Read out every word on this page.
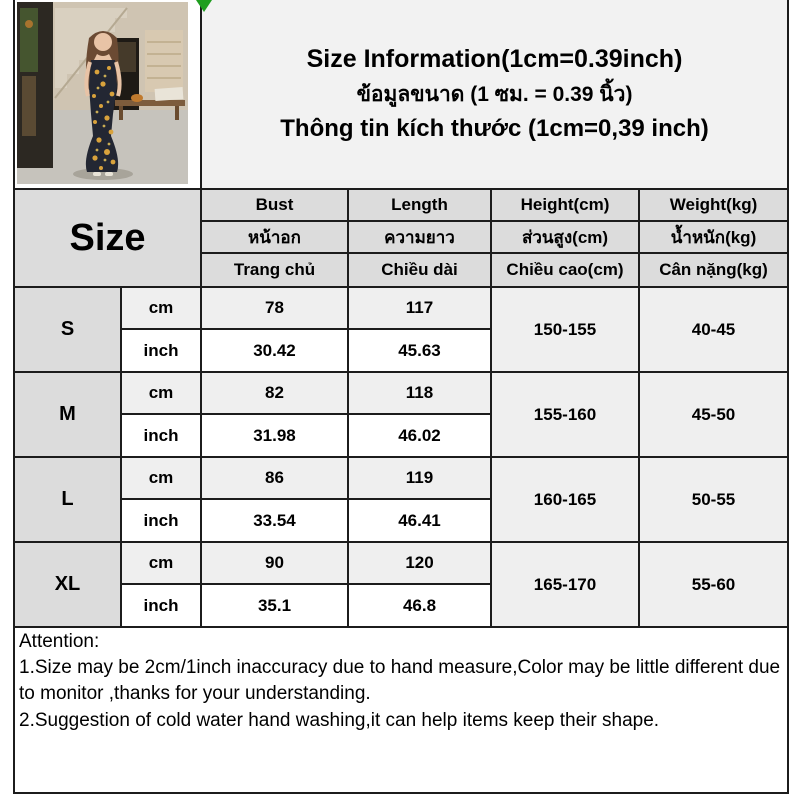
Size Information(1cm=0.39inch)
ข้อมูลขนาด (1 ซม. = 0.39 นิ้ว)
Thông tin kích thước (1cm=0,39 inch)			

Size		Bust	Length	Height(cm)	Weight(kg)
		หน้าอก	ความยาว	ส่วนสูง(cm)	น้ำหนัก(kg)
		Trang chủ	Chiều dài	Chiều cao(cm)	Cân nặng(kg)
S	cm	78	117	150-155	40-45
	inch	30.42	45.63		
M	cm	82	118	155-160	45-50
	inch	31.98	46.02		
L	cm	86	119	160-165	50-55
	inch	33.54	46.41		
XL	cm	90	120	165-170	55-60
	inch	35.1	46.8		

Attention:
1.Size may be 2cm/1inch inaccuracy due to hand measure,Color may be little different due to monitor ,thanks for your understanding.
2.Suggestion of cold water hand washing,it can help items keep their shape.					
